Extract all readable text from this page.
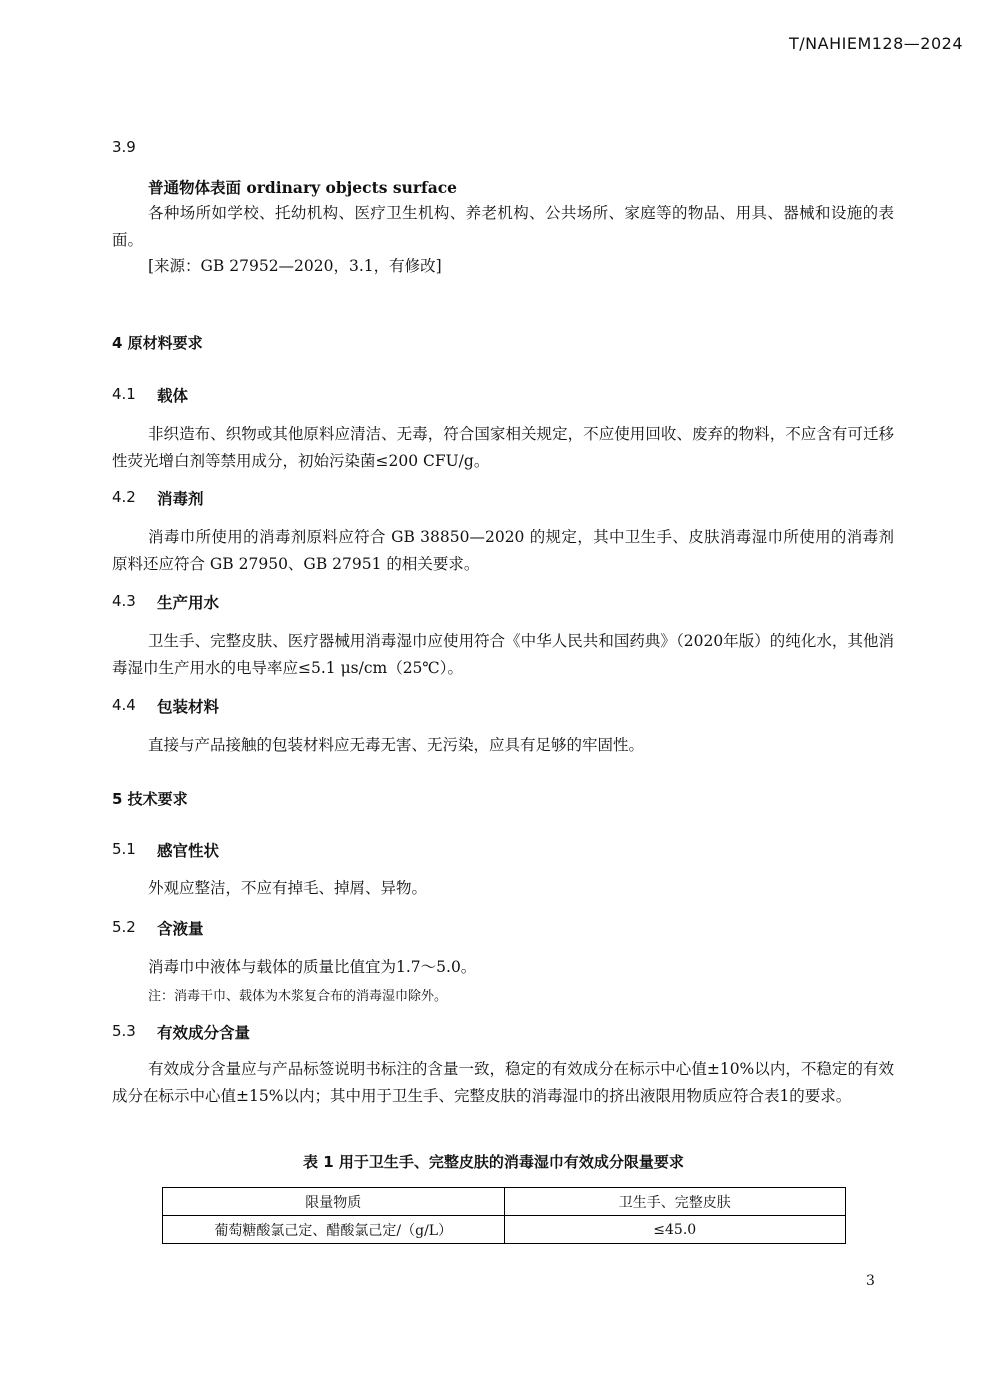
T/NAHIEM128—2024
3.9
普通物体表面 ordinary objects surface
各种场所如学校、托幼机构、医疗卫生机构、养老机构、公共场所、家庭等的物品、用具、器械和设施的表面。
[来源：GB 27952—2020，3.1，有修改]
4 原材料要求
4.1 载体
非织造布、织物或其他原料应清洁、无毒，符合国家相关规定，不应使用回收、废弃的物料，不应含有可迁移性荧光增白剂等禁用成分，初始污染菌≤200 CFU/g。
4.2 消毒剂
消毒巾所使用的消毒剂原料应符合 GB 38850—2020 的规定，其中卫生手、皮肤消毒湿巾所使用的消毒剂原料还应符合 GB 27950、GB 27951 的相关要求。
4.3 生产用水
卫生手、完整皮肤、医疗器械用消毒湿巾应使用符合《中华人民共和国药典》（2020年版）的纯化水，其他消毒湿巾生产用水的电导率应≤5.1 μs/cm（25℃）。
4.4 包装材料
直接与产品接触的包装材料应无毒无害、无污染，应具有足够的牢固性。
5 技术要求
5.1 感官性状
外观应整洁，不应有掉毛、掉屑、异物。
5.2 含液量
消毒巾中液体与载体的质量比值宜为1.7～5.0。
注：消毒干巾、载体为木浆复合布的消毒湿巾除外。
5.3 有效成分含量
有效成分含量应与产品标签说明书标注的含量一致，稳定的有效成分在标示中心值±10%以内，不稳定的有效成分在标示中心值±15%以内；其中用于卫生手、完整皮肤的消毒湿巾的挤出液限用物质应符合表1的要求。
表 1 用于卫生手、完整皮肤的消毒湿巾有效成分限量要求
限量物质	卫生手、完整皮肤
葡萄糖酸氯己定、醋酸氯己定/（g/L）	≤45.0
3
